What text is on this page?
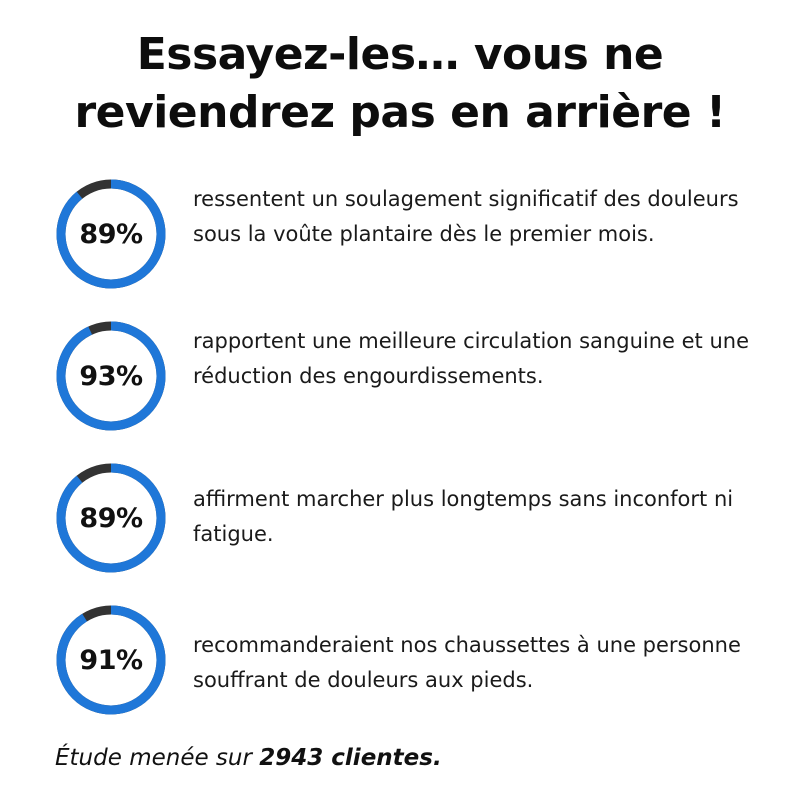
Essayez-les… vous ne
reviendrez pas en arrière !
89%
ressentent un soulagement significatif des douleurs sous la voûte plantaire dès le premier mois.
93%
rapportent une meilleure circulation sanguine et une réduction des engourdissements.
89%
affirment marcher plus longtemps sans inconfort ni fatigue.
91%	recommanderaient nos chaussettes à une personne souffrant de douleurs aux pieds.
Étude menée sur 2943 clientes.
